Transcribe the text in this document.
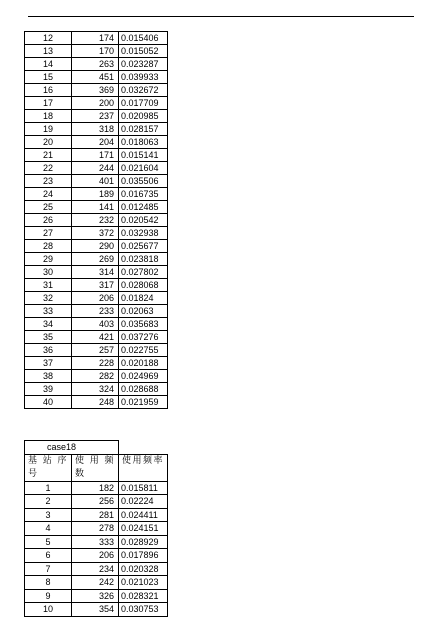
12	174	0.015406
13	170	0.015052
14	263	0.023287
15	451	0.039933
16	369	0.032672
17	200	0.017709
18	237	0.020985
19	318	0.028157
20	204	0.018063
21	171	0.015141
22	244	0.021604
23	401	0.035506
24	189	0.016735
25	141	0.012485
26	232	0.020542
27	372	0.032938
28	290	0.025677
29	269	0.023818
30	314	0.027802
31	317	0.028068
32	206	0.01824
33	233	0.02063
34	403	0.035683
35	421	0.037276
36	257	0.022755
37	228	0.020188
38	282	0.024969
39	324	0.028688
40	248	0.021959
case18		
基站序号	使用频数	使用频率
1	182	0.015811
2	256	0.02224
3	281	0.024411
4	278	0.024151
5	333	0.028929
6	206	0.017896
7	234	0.020328
8	242	0.021023
9	326	0.028321
10	354	0.030753
